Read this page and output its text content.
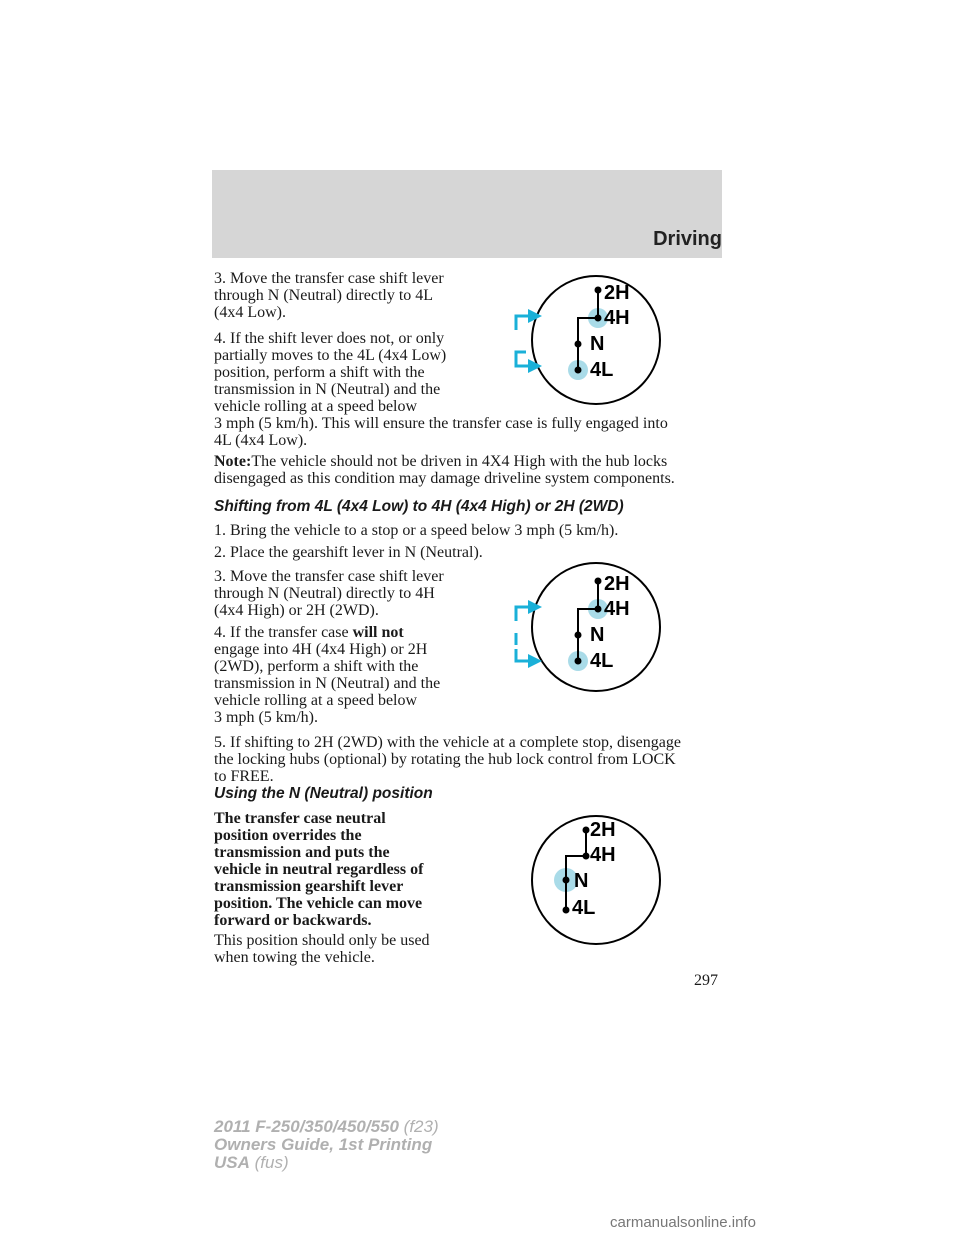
Driving

3. Move the transfer case shift lever
through N (Neutral) directly to 4L
(4x4 Low).

4. If the shift lever does not, or only
partially moves to the 4L (4x4 Low)
position, perform a shift with the
transmission in N (Neutral) and the
vehicle rolling at a speed below
3 mph (5 km/h). This will ensure the transfer case is fully engaged into
4L (4x4 Low).

Note:The vehicle should not be driven in 4X4 High with the hub locks
disengaged as this condition may damage driveline system components.

Shifting from 4L (4x4 Low) to 4H (4x4 High) or 2H (2WD)

1. Bring the vehicle to a stop or a speed below 3 mph (5 km/h).

2. Place the gearshift lever in N (Neutral).

3. Move the transfer case shift lever
through N (Neutral) directly to 4H
(4x4 High) or 2H (2WD).

4. If the transfer case will not
engage into 4H (4x4 High) or 2H
(2WD), perform a shift with the
transmission in N (Neutral) and the
vehicle rolling at a speed below
3 mph (5 km/h).

5. If shifting to 2H (2WD) with the vehicle at a complete stop, disengage
the locking hubs (optional) by rotating the hub lock control from LOCK
to FREE.

Using the N (Neutral) position

The transfer case neutral
position overrides the
transmission and puts the
vehicle in neutral regardless of
transmission gearshift lever
position. The vehicle can move
forward or backwards.

This position should only be used
when towing the vehicle.

2H
4H
N
4L
2H
4H
N
4L
2H
4H
N
4L
297
2011 F-250/350/450/550 (f23)
Owners Guide, 1st Printing
USA (fus)
carmanualsonline.info
